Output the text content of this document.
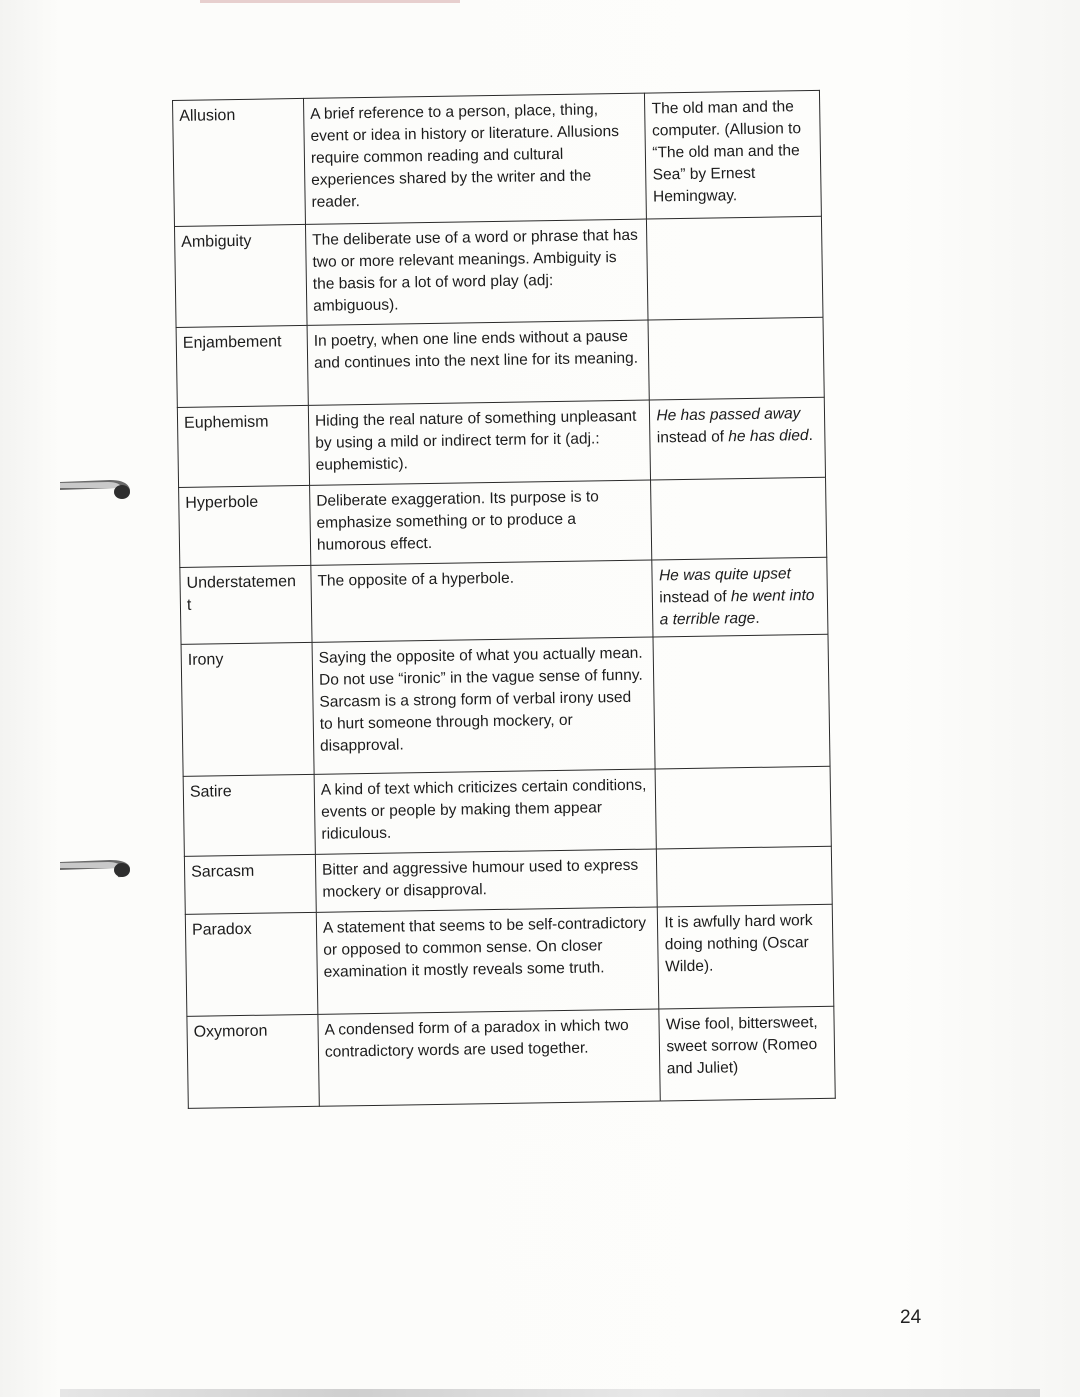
Allusion	A brief reference to a person, place, thing, event or idea in history or literature. Allusions require common reading and cultural experiences shared by the writer and the reader.	The old man and the computer. (Allusion to “The old man and the Sea” by Ernest Hemingway.
Ambiguity	The deliberate use of a word or phrase that has two or more relevant meanings. Ambiguity is the basis for a lot of word play (adj: ambiguous).	
Enjambement	In poetry, when one line ends without a pause and continues into the next line for its meaning.	
Euphemism	Hiding the real nature of something unpleasant by using a mild or indirect term for it (adj.: euphemistic).	He has passed away instead of he has died.
Hyperbole	Deliberate exaggeration. Its purpose is to emphasize something or to produce a humorous effect.	
Understatemen t	The opposite of a hyperbole.	He was quite upset instead of he went into a terrible rage.
Irony	Saying the opposite of what you actually mean. Do not use “ironic” in the vague sense of funny. Sarcasm is a strong form of verbal irony used to hurt someone through mockery, or disapproval.	
Satire	A kind of text which criticizes certain conditions, events or people by making them appear ridiculous.	
Sarcasm	Bitter and aggressive humour used to express mockery or disapproval.	
Paradox	A statement that seems to be self-contradictory or opposed to common sense. On closer examination it mostly reveals some truth.	It is awfully hard work doing nothing (Oscar Wilde).
Oxymoron	A condensed form of a paradox in which two contradictory words are used together.	Wise fool, bittersweet, sweet sorrow (Romeo and Juliet)
24
